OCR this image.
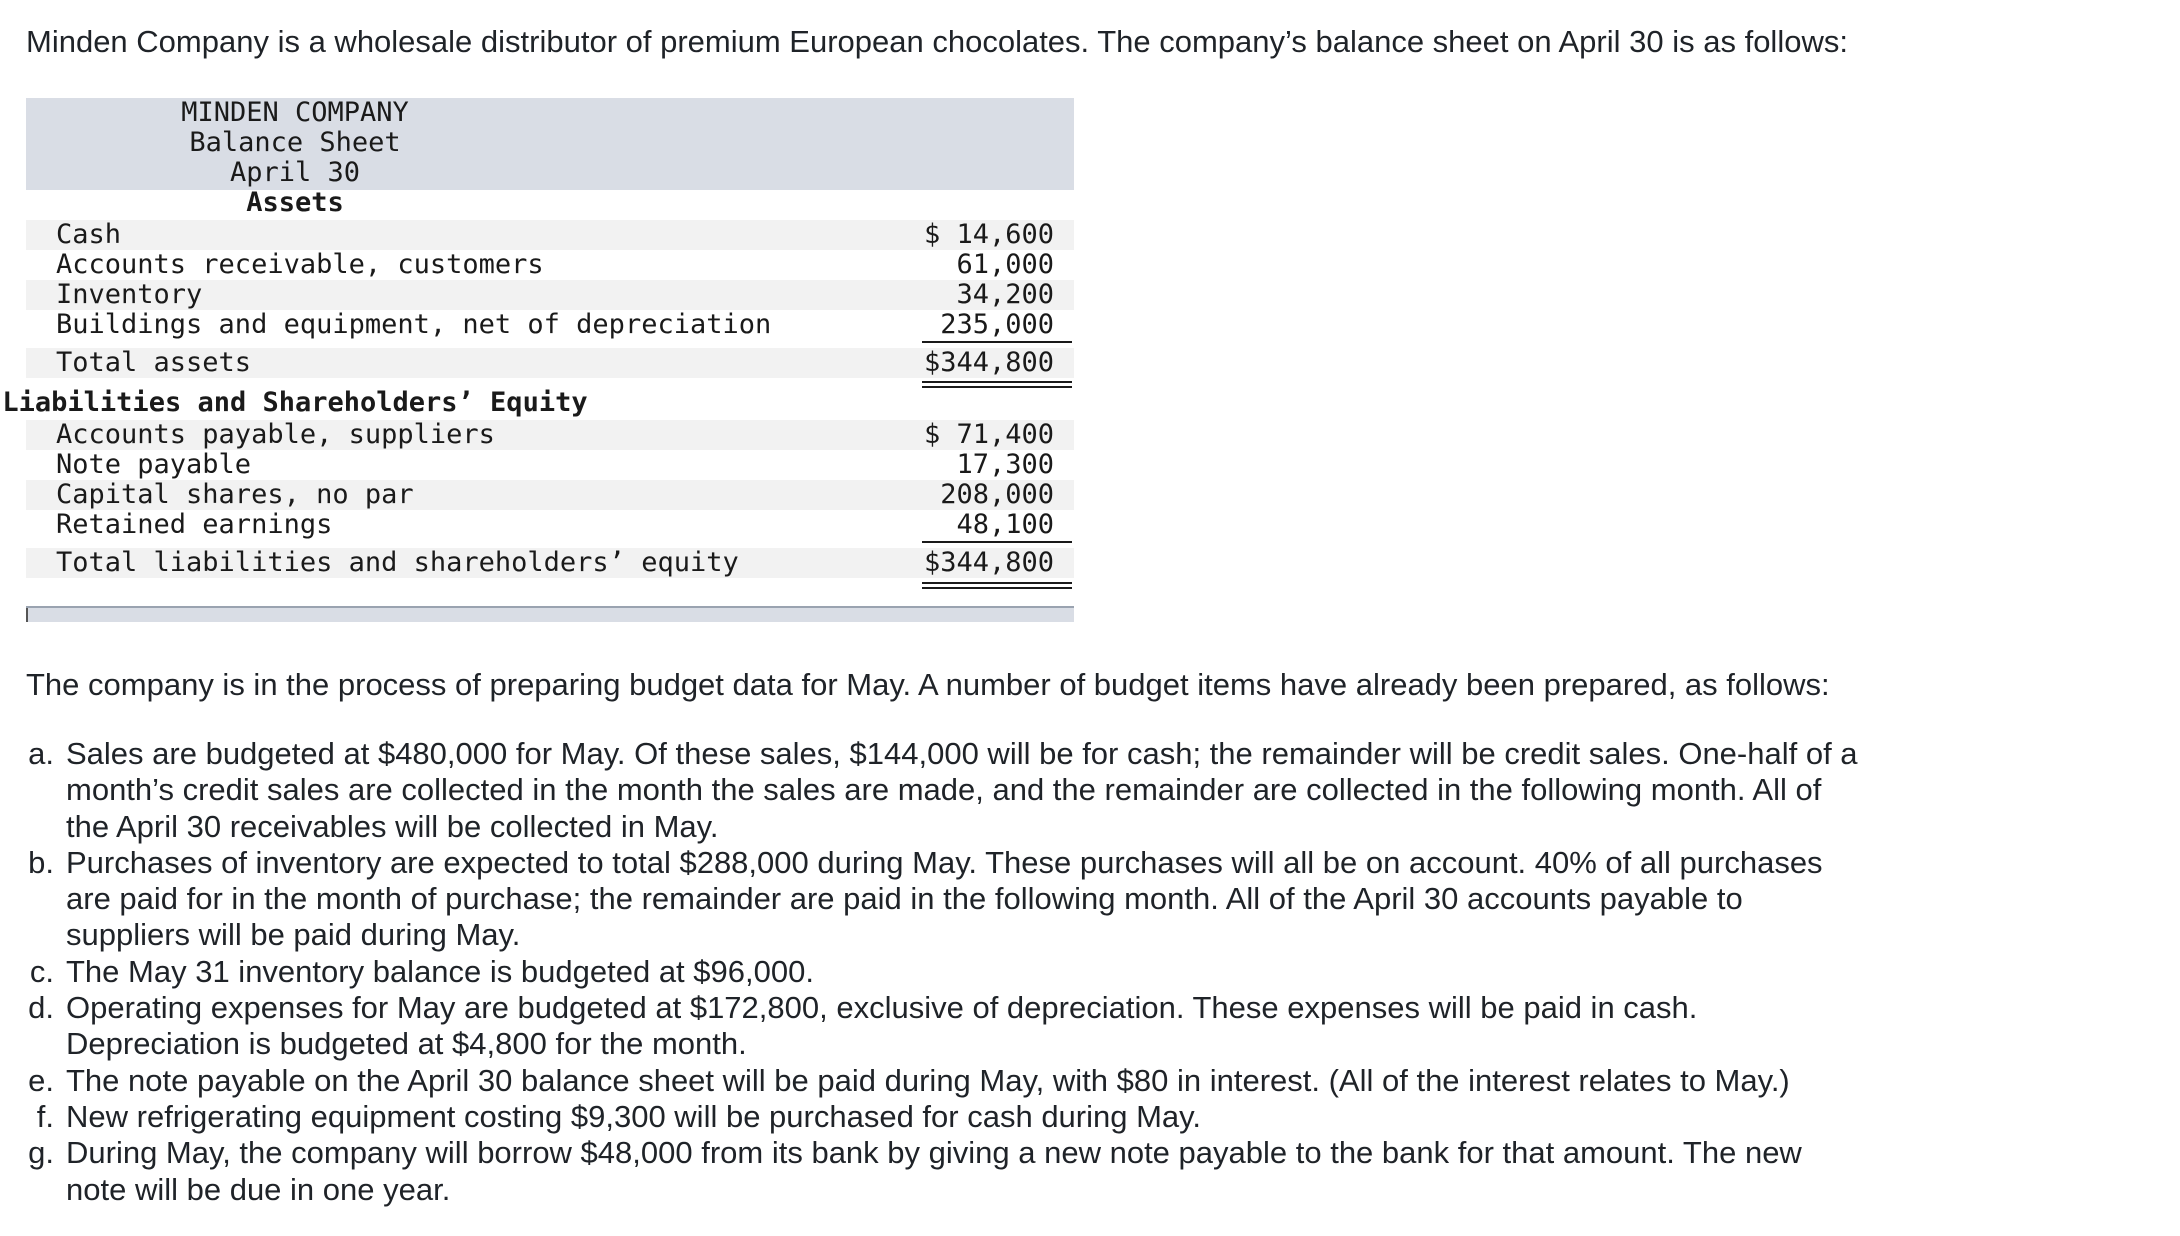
Minden Company is a wholesale distributor of premium European chocolates. The company’s balance sheet on April 30 is as follows:

MINDEN COMPANY
Balance Sheet
April 30
Assets
Cash	$ 14,600
Accounts receivable, customers	61,000
Inventory	34,200
Buildings and equipment, net of depreciation	235,000
Total assets	$344,800
Liabilities and Shareholders’ Equity
Accounts payable, suppliers	$ 71,400
Note payable	17,300
Capital shares, no par	208,000
Retained earnings	48,100
Total liabilities and shareholders’ equity	$344,800

The company is in the process of preparing budget data for May. A number of budget items have already been prepared, as follows:

a. Sales are budgeted at $480,000 for May. Of these sales, $144,000 will be for cash; the remainder will be credit sales. One-half of a
month’s credit sales are collected in the month the sales are made, and the remainder are collected in the following month. All of
the April 30 receivables will be collected in May.
b. Purchases of inventory are expected to total $288,000 during May. These purchases will all be on account. 40% of all purchases
are paid for in the month of purchase; the remainder are paid in the following month. All of the April 30 accounts payable to
suppliers will be paid during May.
c. The May 31 inventory balance is budgeted at $96,000.
d. Operating expenses for May are budgeted at $172,800, exclusive of depreciation. These expenses will be paid in cash.
Depreciation is budgeted at $4,800 for the month.
e. The note payable on the April 30 balance sheet will be paid during May, with $80 in interest. (All of the interest relates to May.)
f. New refrigerating equipment costing $9,300 will be purchased for cash during May.
g. During May, the company will borrow $48,000 from its bank by giving a new note payable to the bank for that amount. The new
note will be due in one year.
